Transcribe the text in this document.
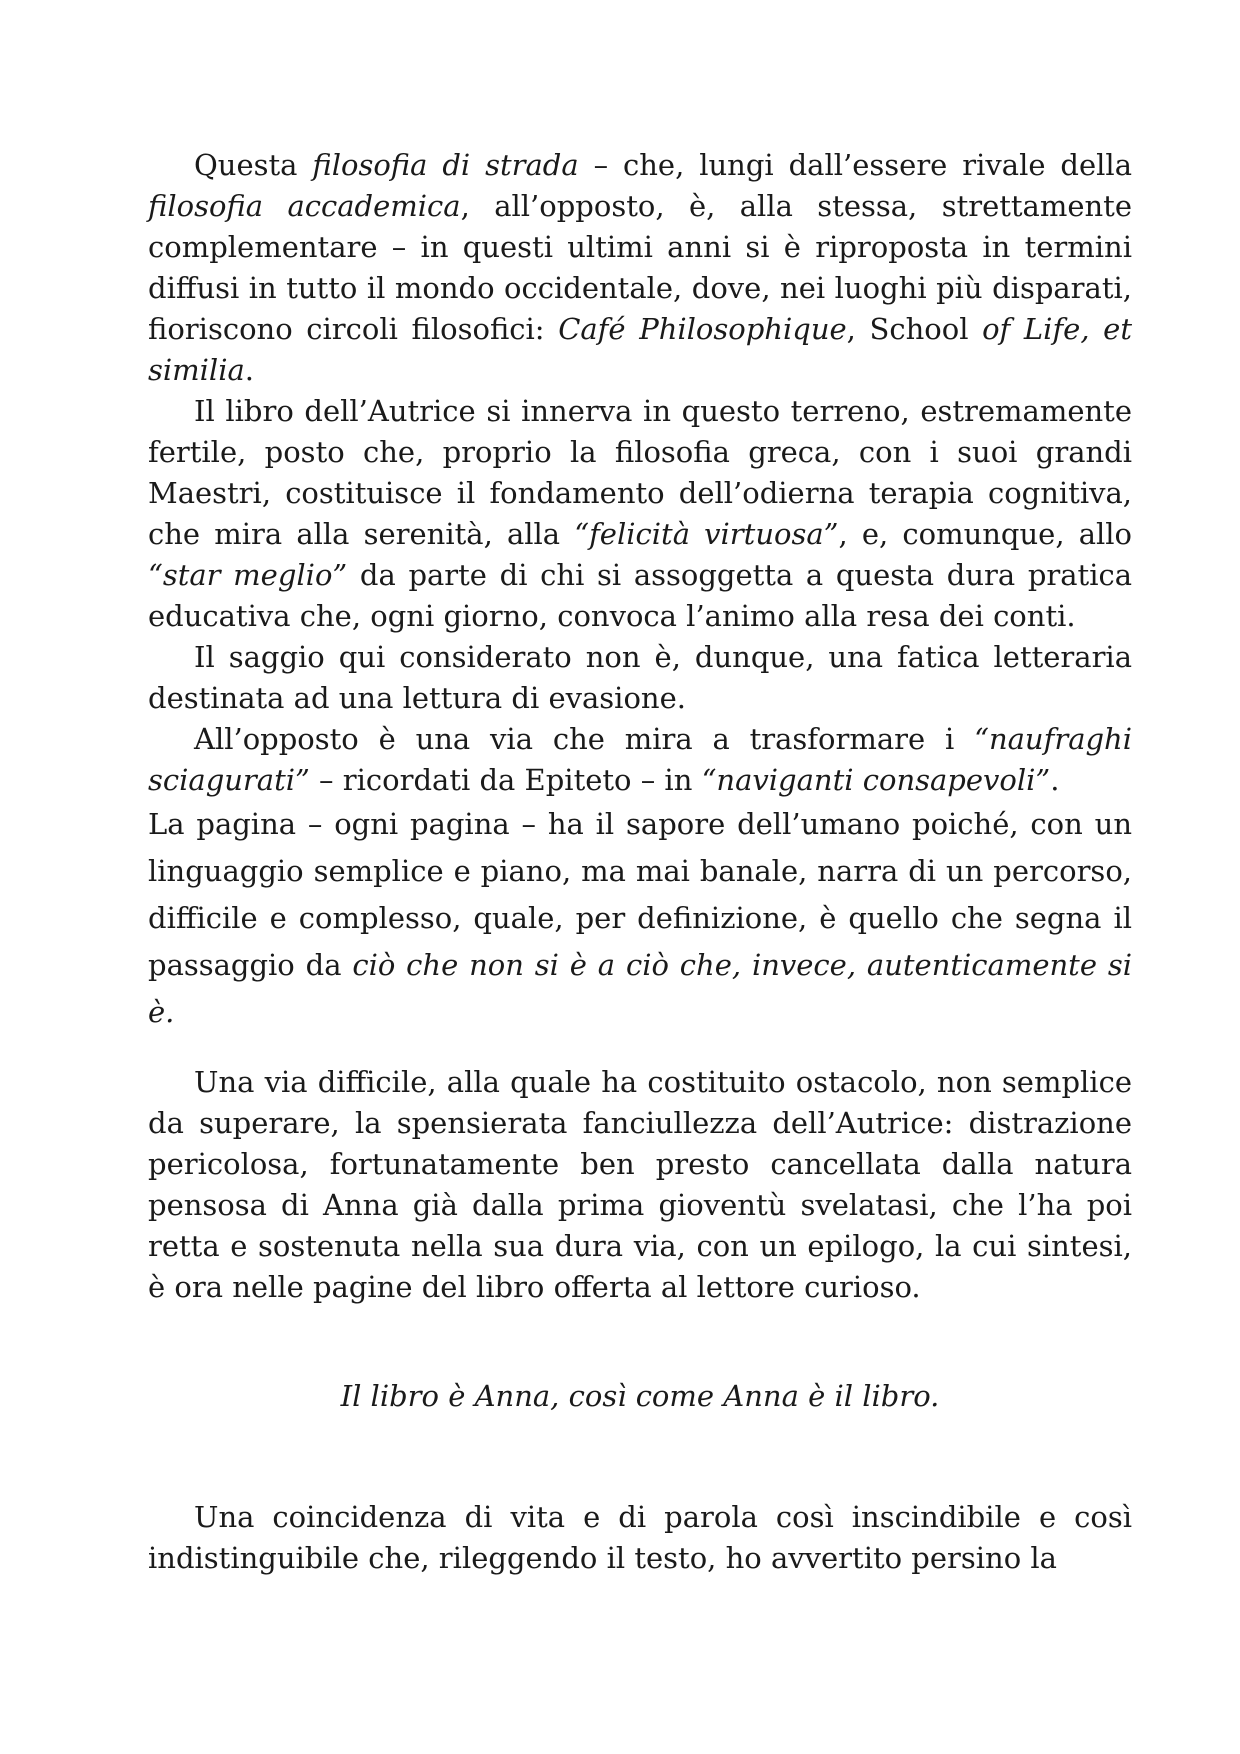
Questa filosofia di strada – che, lungi dall’essere rivale della filosofia accademica, all’opposto, è, alla stessa, strettamente complementare – in questi ultimi anni si è riproposta in termini diffusi in tutto il mondo occidentale, dove, nei luoghi più disparati, fioriscono circoli filosofici: Café Philosophique, School of Life, et similia.

Il libro dell’Autrice si innerva in questo terreno, estremamente fertile, posto che, proprio la filosofia greca, con i suoi grandi Maestri, costituisce il fondamento dell’odierna terapia cognitiva, che mira alla serenità, alla “felicità virtuosa”, e, comunque, allo “star meglio” da parte di chi si assoggetta a questa dura pratica educativa che, ogni giorno, convoca l’animo alla resa dei conti.

Il saggio qui considerato non è, dunque, una fatica letteraria destinata ad una lettura di evasione.

All’opposto è una via che mira a trasformare i “naufraghi sciagurati” – ricordati da Epiteto – in “naviganti consapevoli”.

La pagina – ogni pagina – ha il sapore dell’umano poiché, con un linguaggio semplice e piano, ma mai banale, narra di un percorso, difficile e complesso, quale, per definizione, è quello che segna il passaggio da ciò che non si è a ciò che, invece, autenticamente si è.

Una via difficile, alla quale ha costituito ostacolo, non semplice da superare, la spensierata fanciullezza dell’Autrice: distrazione pericolosa, fortunatamente ben presto cancellata dalla natura pensosa di Anna già dalla prima gioventù svelatasi, che l’ha poi retta e sostenuta nella sua dura via, con un epilogo, la cui sintesi, è ora nelle pagine del libro offerta al lettore curioso.

Il libro è Anna, così come Anna è il libro.

Una coincidenza di vita e di parola così inscindibile e così indistinguibile che, rileggendo il testo, ho avvertito persino la
